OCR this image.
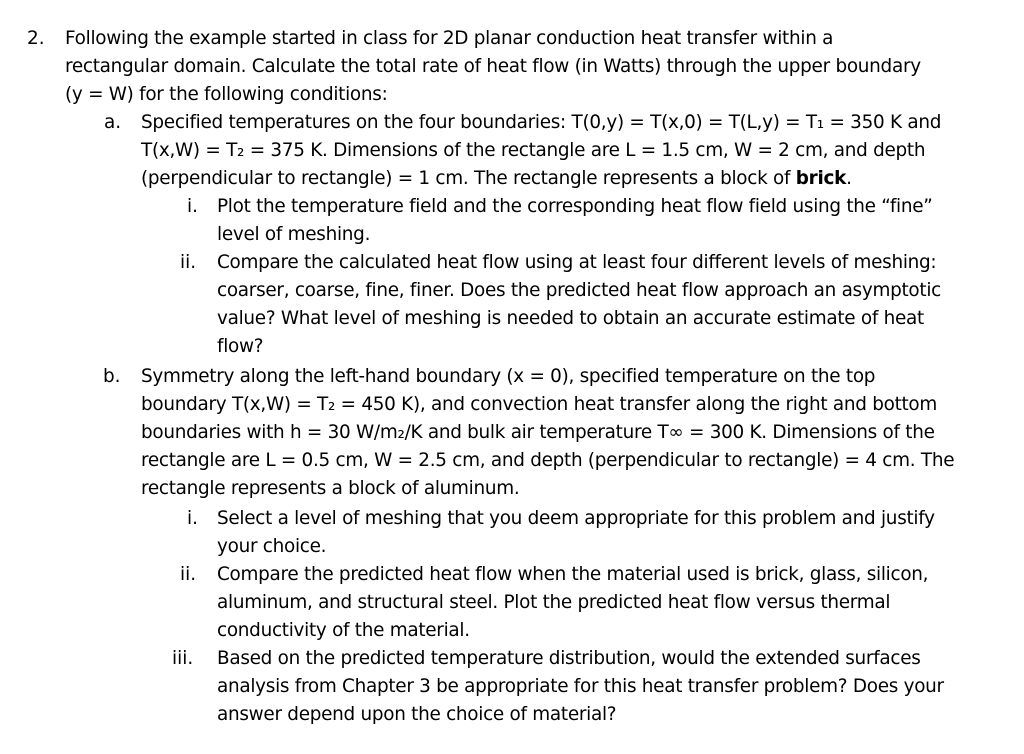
2. Following the example started in class for 2D planar conduction heat transfer within a
rectangular domain. Calculate the total rate of heat flow (in Watts) through the upper boundary
(y = W) for the following conditions:
a. Specified temperatures on the four boundaries: T(0,y) = T(x,0) = T(L,y) = T₁ = 350 K and
T(x,W) = T₂ = 375 K. Dimensions of the rectangle are L = 1.5 cm, W = 2 cm, and depth
(perpendicular to rectangle) = 1 cm. The rectangle represents a block of brick.
i. Plot the temperature field and the corresponding heat flow field using the “fine”
level of meshing.
ii. Compare the calculated heat flow using at least four different levels of meshing:
coarser, coarse, fine, finer. Does the predicted heat flow approach an asymptotic
value? What level of meshing is needed to obtain an accurate estimate of heat
flow?
b. Symmetry along the left-hand boundary (x = 0), specified temperature on the top
boundary T(x,W) = T₂ = 450 K), and convection heat transfer along the right and bottom
boundaries with h = 30 W/m₂/K and bulk air temperature T∞ = 300 K. Dimensions of the
rectangle are L = 0.5 cm, W = 2.5 cm, and depth (perpendicular to rectangle) = 4 cm. The
rectangle represents a block of aluminum.
i. Select a level of meshing that you deem appropriate for this problem and justify
your choice.
ii. Compare the predicted heat flow when the material used is brick, glass, silicon,
aluminum, and structural steel. Plot the predicted heat flow versus thermal
conductivity of the material.
iii. Based on the predicted temperature distribution, would the extended surfaces
analysis from Chapter 3 be appropriate for this heat transfer problem? Does your
answer depend upon the choice of material?
